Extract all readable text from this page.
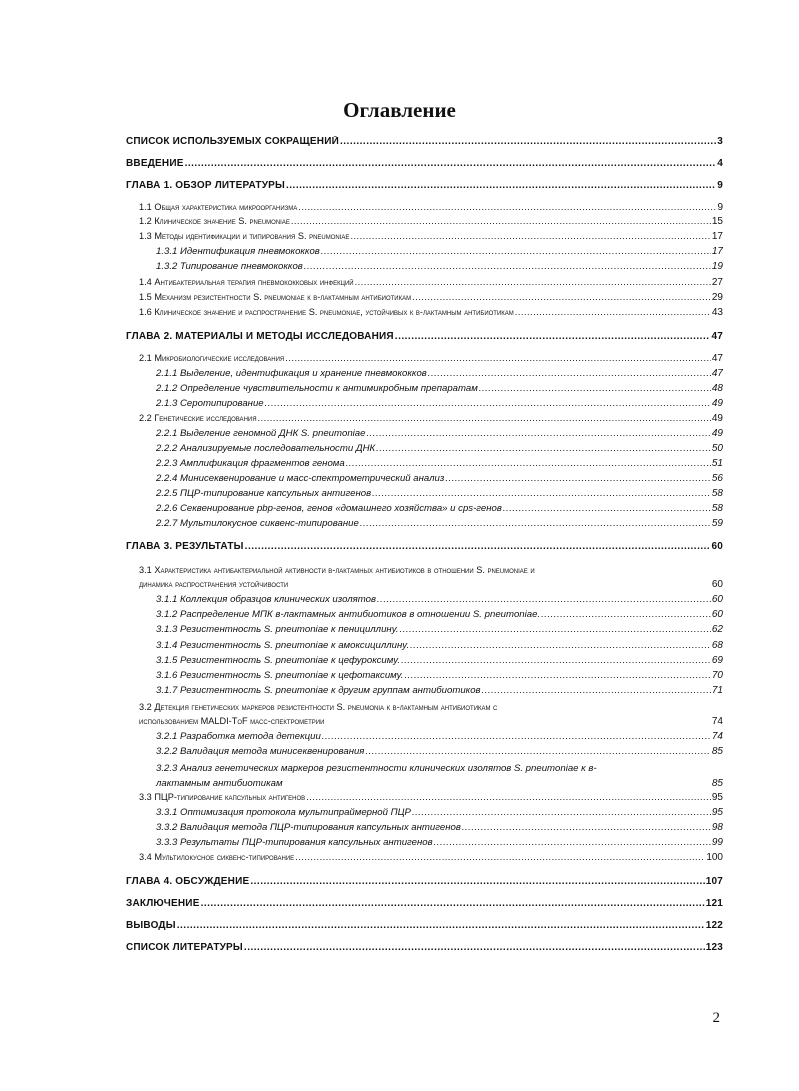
Оглавление
СПИСОК ИСПОЛЬЗУЕМЫХ СОКРАЩЕНИЙ .....	3
ВВЕДЕНИЕ .....	4
ГЛАВА 1. ОБЗОР ЛИТЕРАТУРЫ .....	9
1.1 Общая характеристика микроорганизма .....	9
1.2 Клиническое значение S. pneumoniae .....	15
1.3 Методы идентификации и типирования S. pneumoniae .....	17
1.3.1 Идентификация пневмококков .....	17
1.3.2 Типирование пневмококков .....	19
1.4 Антибактериальная терапия пневмококковых инфекций .....	27
1.5 Механизм резистентности S. pneumoniae к в-лактамным антибиотикам .....	29
1.6 Клиническое значение и распространение S. pneumoniae, устойчивых к в-лактамным антибиотикам .....	43
ГЛАВА 2. МАТЕРИАЛЫ И МЕТОДЫ ИССЛЕДОВАНИЯ .....	47
2.1 Микробиологические исследования .....	47
2.1.1 Выделение, идентификация и хранение пневмококков .....	47
2.1.2 Определение чувствительности к антимикробным препаратам .....	48
2.1.3 Серотипирование .....	49
2.2 Генетические исследования .....	49
2.2.1 Выделение геномной ДНК S. pneumoniae .....	49
2.2.2 Анализируемые последовательности ДНК .....	50
2.2.3 Амплификация фрагментов генома .....	51
2.2.4 Минисеквенирование и масс-спектрометрический анализ .....	56
2.2.5 ПЦР-типирование капсульных антигенов .....	58
2.2.6 Секвенирование pbp-генов, генов «домашнего хозяйства» и cps-генов .....	58
2.2.7 Мультилокусное сиквенс-типирование .....	59
ГЛАВА 3. РЕЗУЛЬТАТЫ .....	60
3.1 Характеристика антибактериальной активности в-лактамных антибиотиков в отношении S. pneumoniae и
динамика распространения устойчивости	60
3.1.1 Коллекция образцов клинических изолятов .....	60
3.1.2 Распределение МПК в-лактамных антибиотиков в отношении S. pneumoniae. .....	60
3.1.3 Резистентность S. pneumoniae к пенициллину. .....	62
3.1.4 Резистентность S. pneumoniae к амоксициллину. .....	68
3.1.5 Резистентность S. pneumoniae к цефуроксиму. .....	69
3.1.6 Резистентность S. pneumoniae к цефотаксиму. .....	70
3.1.7 Резистентность S. pneumoniae к другим группам антибиотиков .....	71
3.2 Детекция генетических маркеров резистентности S. pneumonia к в-лактамным антибиотикам с
использованием MALDI-ToF масс-спектрометрии	74
3.2.1 Разработка метода детекции .....	74
3.2.2 Валидация метода минисеквенирования .....	85
3.2.3 Анализ генетических маркеров резистентности клинических изолятов S. pneumoniae к в-
лактамным антибиотикам	85
3.3 ПЦР-типирование капсульных антигенов .....	95
3.3.1 Оптимизация протокола мультипраймерной ПЦР .....	95
3.3.2 Валидация метода ПЦР-типирования капсульных антигенов .....	98
3.3.3 Результаты ПЦР-типирования капсульных антигенов .....	99
3.4 Мультилокусное сиквенс-типирование .....	100
ГЛАВА 4. ОБСУЖДЕНИЕ .....	107
ЗАКЛЮЧЕНИЕ .....	121
ВЫВОДЫ .....	122
СПИСОК ЛИТЕРАТУРЫ .....	123
2
